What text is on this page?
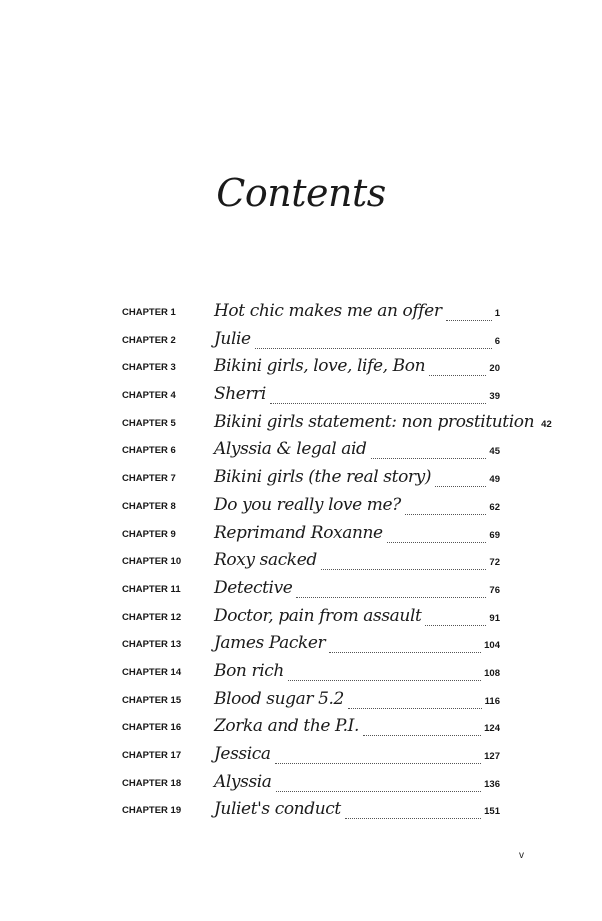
Contents
CHAPTER 1 Hot chic makes me an offer	1
CHAPTER 2 Julie	6
CHAPTER 3 Bikini girls, love, life, Bon	20
CHAPTER 4 Sherri	39
CHAPTER 5 Bikini girls statement: non prostitution 42
CHAPTER 6 Alyssia & legal aid	45
CHAPTER 7 Bikini girls (the real story)	49
CHAPTER 8 Do you really love me?	62
CHAPTER 9 Reprimand Roxanne	69
CHAPTER 10 Roxy sacked	72
CHAPTER 11 Detective	76
CHAPTER 12 Doctor, pain from assault	91
CHAPTER 13 James Packer	104
CHAPTER 14 Bon rich	108
CHAPTER 15 Blood sugar 5.2	116
CHAPTER 16 Zorka and the P.I.	124
CHAPTER 17 Jessica	127
CHAPTER 18 Alyssia	136
CHAPTER 19 Juliet's conduct	151
v
